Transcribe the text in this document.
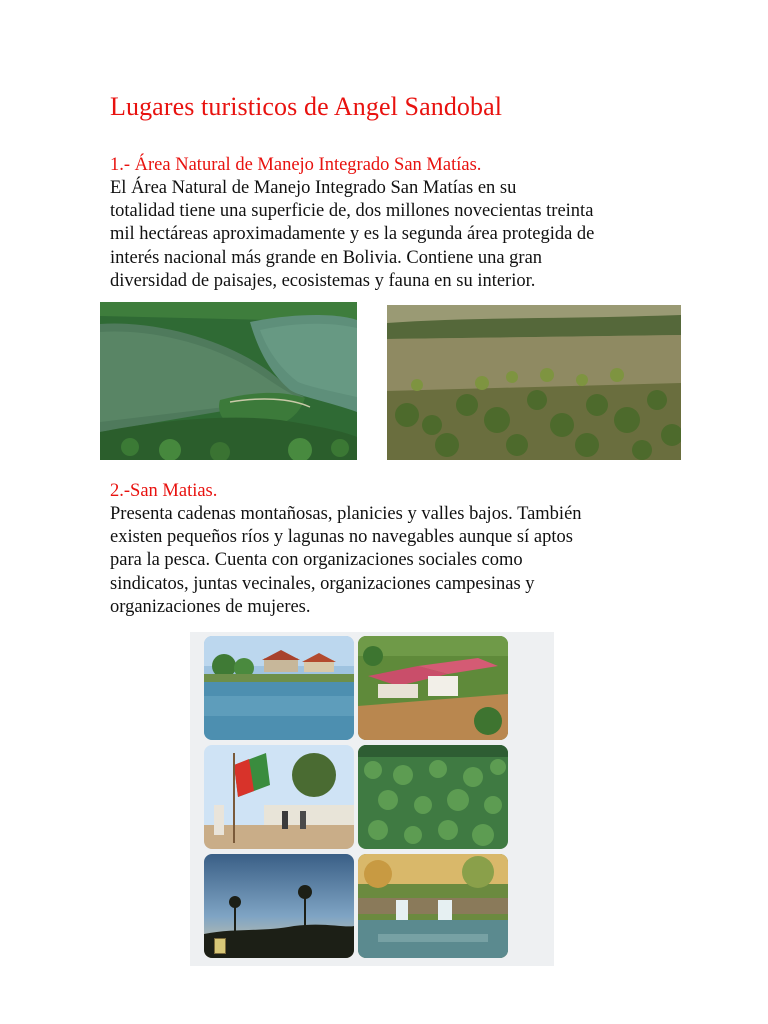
Lugares turisticos de Angel Sandobal
1.- Área Natural de Manejo Integrado San Matías.
El Área Natural de Manejo Integrado San Matías en su
totalidad tiene una superficie de, dos millones novecientas treinta
mil hectáreas aproximadamente y es la segunda área protegida de
interés nacional más grande en Bolivia. Contiene una gran
diversidad de paisajes, ecosistemas y fauna en su interior.
2.-San Matias.
Presenta cadenas montañosas, planicies y valles bajos. También
existen pequeños ríos y lagunas no navegables aunque sí aptos
para la pesca. Cuenta con organizaciones sociales como
sindicatos, juntas vecinales, organizaciones campesinas y
organizaciones de mujeres.
